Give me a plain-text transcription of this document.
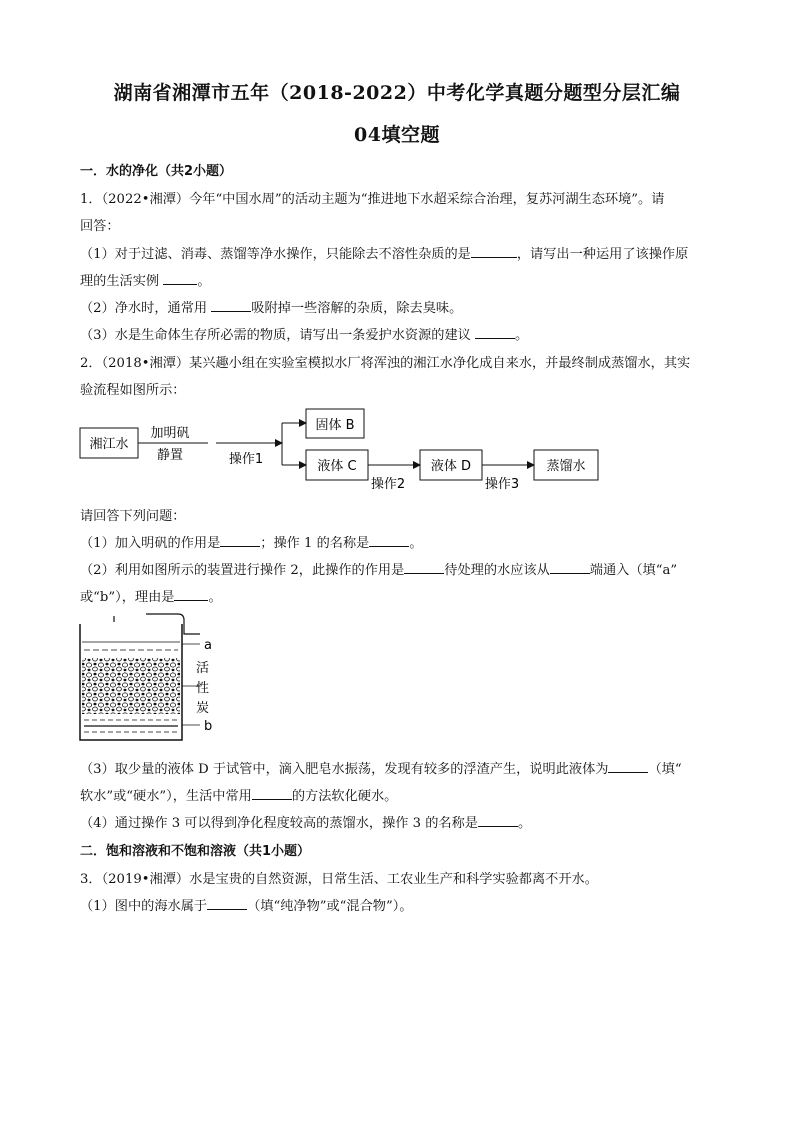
湖南省湘潭市五年（2018-2022）中考化学真题分题型分层汇编
04填空题
一．水的净化（共2小题）
1．（2022•湘潭）今年“中国水周”的活动主题为“推进地下水超采综合治理，复苏河湖生态环境”。请
回答：
（1）对于过滤、消毒、蒸馏等净水操作，只能除去不溶性杂质的是	，请写出一种运用了该操作原
理的生活实例	。
（2）净水时，通常用	吸附掉一些溶解的杂质，除去臭味。
（3）水是生命体生存所必需的物质，请写出一条爱护水资源的建议	。
2．（2018•湘潭）某兴趣小组在实验室模拟水厂将浑浊的湘江水净化成自来水，并最终制成蒸馏水，其实
验流程如图所示：
湘江水
加明矾
静置	操作1
固体 B
液体 C
操作2
液体 D
操作3
蒸馏水
请回答下列问题：
（1）加入明矾的作用是	；操作 1 的名称是	。
（2）利用如图所示的装置进行操作 2，此操作的作用是	待处理的水应该从	端通入（填“a”
或“b”），理由是	。
a
活
性
炭
b
（3）取少量的液体 D 于试管中，滴入肥皂水振荡，发现有较多的浮渣产生，说明此液体为	（填“
软水”或“硬水”），生活中常用	的方法软化硬水。
（4）通过操作 3 可以得到净化程度较高的蒸馏水，操作 3 的名称是	。
二．饱和溶液和不饱和溶液（共1小题）
3．（2019•湘潭）水是宝贵的自然资源，日常生活、工农业生产和科学实验都离不开水。
（1）图中的海水属于	（填“纯净物”或“混合物”）。
